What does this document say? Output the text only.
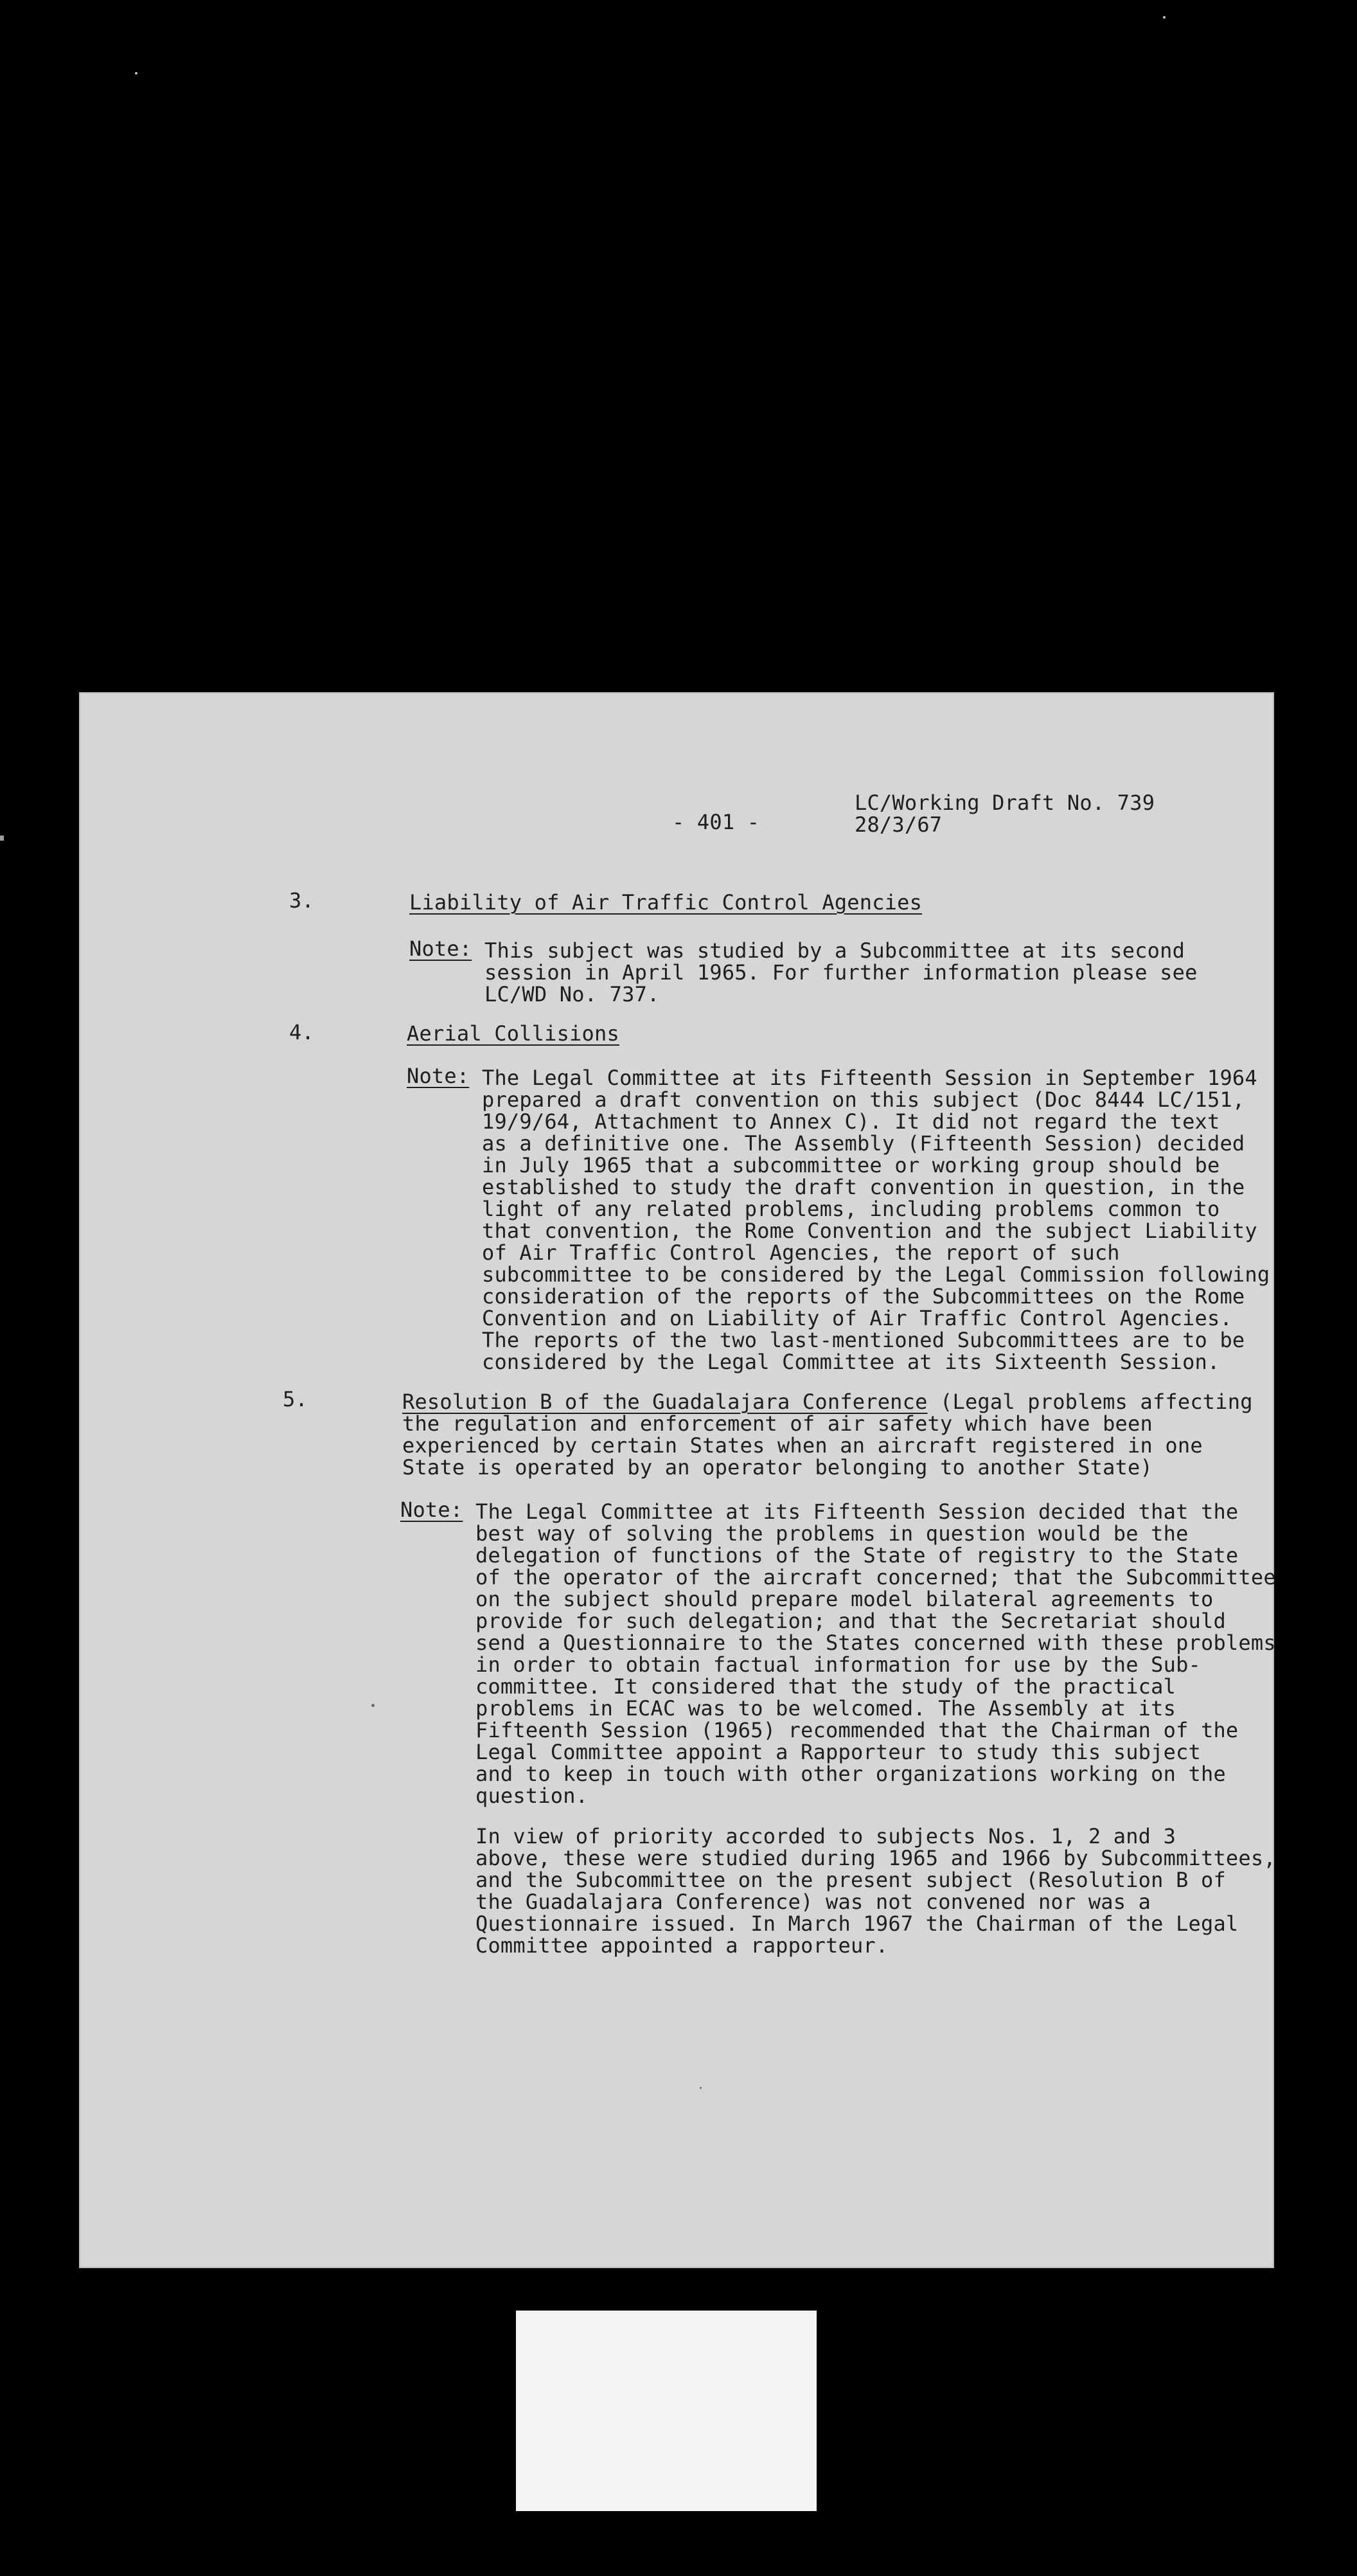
- 401 -
LC/Working Draft No. 739
28/3/67
3.	Liability of Air Traffic Control Agencies
Note: This subject was studied by a Subcommittee at its second
session in April 1965. For further information please see
LC/WD No. 737.
4.	Aerial Collisions
Note: The Legal Committee at its Fifteenth Session in September 1964
prepared a draft convention on this subject (Doc 8444 LC/151,
19/9/64, Attachment to Annex C). It did not regard the text
as a definitive one. The Assembly (Fifteenth Session) decided
in July 1965 that a subcommittee or working group should be
established to study the draft convention in question, in the
light of any related problems, including problems common to
that convention, the Rome Convention and the subject Liability
of Air Traffic Control Agencies, the report of such
subcommittee to be considered by the Legal Commission following
consideration of the reports of the Subcommittees on the Rome
Convention and on Liability of Air Traffic Control Agencies.
The reports of the two last-mentioned Subcommittees are to be
considered by the Legal Committee at its Sixteenth Session.
5.	Resolution B of the Guadalajara Conference (Legal problems affecting
the regulation and enforcement of air safety which have been
experienced by certain States when an aircraft registered in one
State is operated by an operator belonging to another State)
Note: The Legal Committee at its Fifteenth Session decided that the
best way of solving the problems in question would be the
delegation of functions of the State of registry to the State
of the operator of the aircraft concerned; that the Subcommittee
on the subject should prepare model bilateral agreements to
provide for such delegation; and that the Secretariat should
send a Questionnaire to the States concerned with these problems
in order to obtain factual information for use by the Sub-
committee. It considered that the study of the practical
problems in ECAC was to be welcomed. The Assembly at its
Fifteenth Session (1965) recommended that the Chairman of the
Legal Committee appoint a Rapporteur to study this subject
and to keep in touch with other organizations working on the
question.
In view of priority accorded to subjects Nos. 1, 2 and 3
above, these were studied during 1965 and 1966 by Subcommittees,
and the Subcommittee on the present subject (Resolution B of
the Guadalajara Conference) was not convened nor was a
Questionnaire issued. In March 1967 the Chairman of the Legal
Committee appointed a rapporteur.
